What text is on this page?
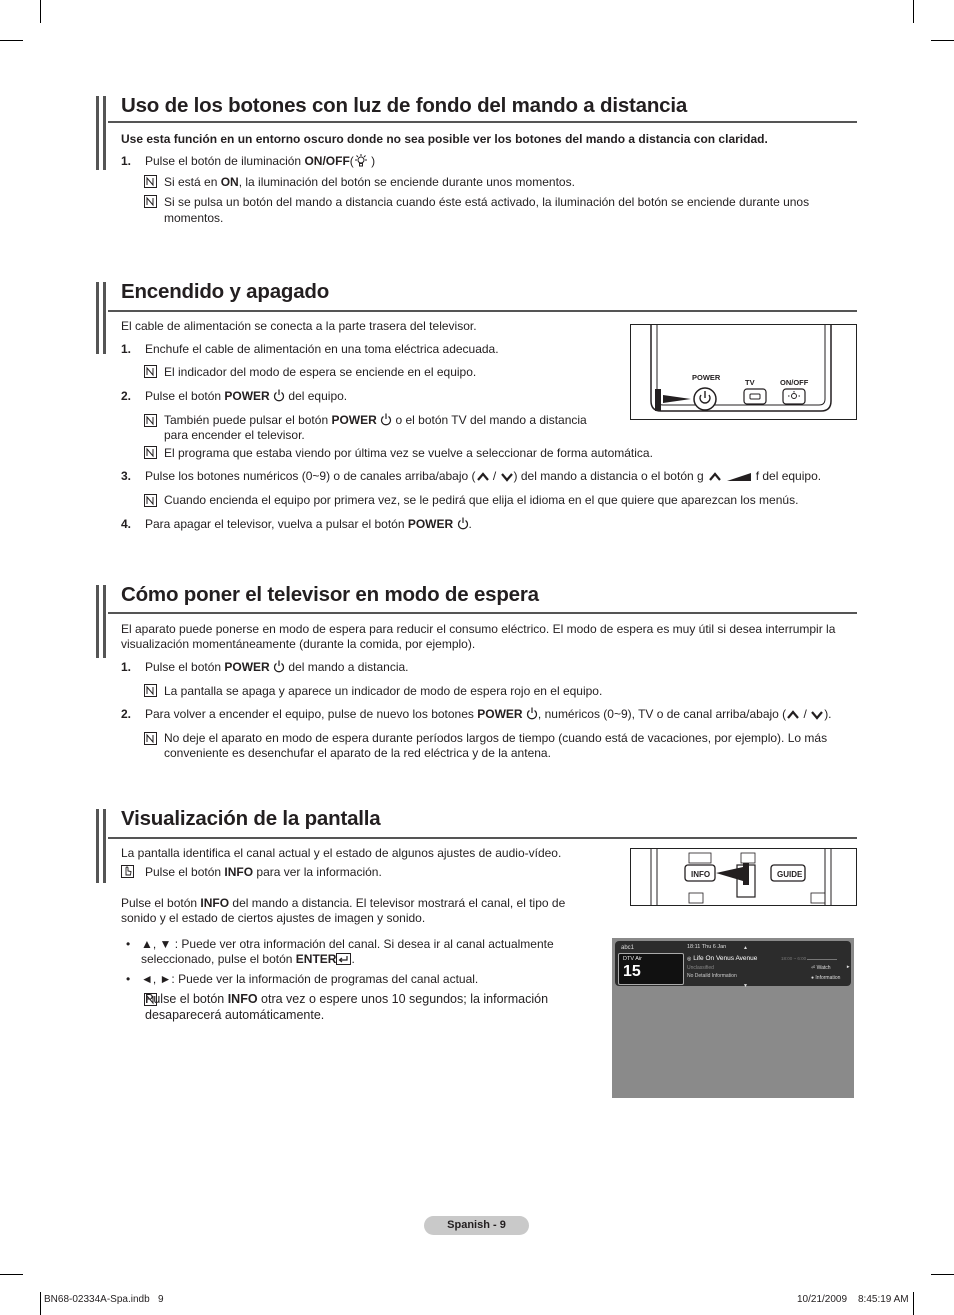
Uso de los botones con luz de fondo del mando a distancia
Use esta función en un entorno oscuro donde no sea posible ver los botones del mando a distancia con claridad.
1. Pulse el botón de iluminación ON/OFF( )
Si está en ON, la iluminación del botón se enciende durante unos momentos.
Si se pulsa un botón del mando a distancia cuando éste está activado, la iluminación del botón se enciende durante unos
momentos.
Encendido y apagado
El cable de alimentación se conecta a la parte trasera del televisor.
1. Enchufe el cable de alimentación en una toma eléctrica adecuada.
El indicador del modo de espera se enciende en el equipo.
2. Pulse el botón POWER  del equipo.
También puede pulsar el botón POWER  o el botón TV del mando a distancia
para encender el televisor.
El programa que estaba viendo por última vez se vuelve a seleccionar de forma automática.
3. Pulse los botones numéricos (0~9) o de canales arriba/abajo ( / ) del mando a distancia o el botón g	f del equipo.
Cuando encienda el equipo por primera vez, se le pedirá que elija el idioma en el que quiere que aparezcan los menús.
4. Para apagar el televisor, vuelva a pulsar el botón POWER .
POWER
TV	ON/OFF
Cómo poner el televisor en modo de espera
El aparato puede ponerse en modo de espera para reducir el consumo eléctrico. El modo de espera es muy útil si desea interrumpir la
visualización momentáneamente (durante la comida, por ejemplo).
1. Pulse el botón POWER  del mando a distancia.
La pantalla se apaga y aparece un indicador de modo de espera rojo en el equipo.
2. Para volver a encender el equipo, pulse de nuevo los botones POWER , numéricos (0~9), TV o de canal arriba/abajo ( / ).
No deje el aparato en modo de espera durante períodos largos de tiempo (cuando está de vacaciones, por ejemplo). Lo más
conveniente es desenchufar el aparato de la red eléctrica y de la antena.
Visualización de la pantalla
La pantalla identifica el canal actual y el estado de algunos ajustes de audio-vídeo.
Pulse el botón INFO para ver la información.
Pulse el botón INFO del mando a distancia. El televisor mostrará el canal, el tipo de
sonido y el estado de ciertos ajustes de imagen y sonido.
• ▲, ▼ : Puede ver otra información del canal. Si desea ir al canal actualmente
seleccionado, pulse el botón ENTER .
• ◄, ►: Puede ver la información de programas del canal actual.
Pulse el botón INFO otra vez o espere unos 10 segundos; la información
desaparecerá automáticamente.
INFO	GUIDE
abc1
DTV Air
15
18:11 Thu 6 Jan	▲
◎ Life On Venus Avenue
Unclassified
No Detaild Information
▼
18:00 ~ 6:00
►
⏎ Watch
● Information
Spanish - 9
BN68-02334A-Spa.indb   9	10/21/2009 8:45:19 AM
